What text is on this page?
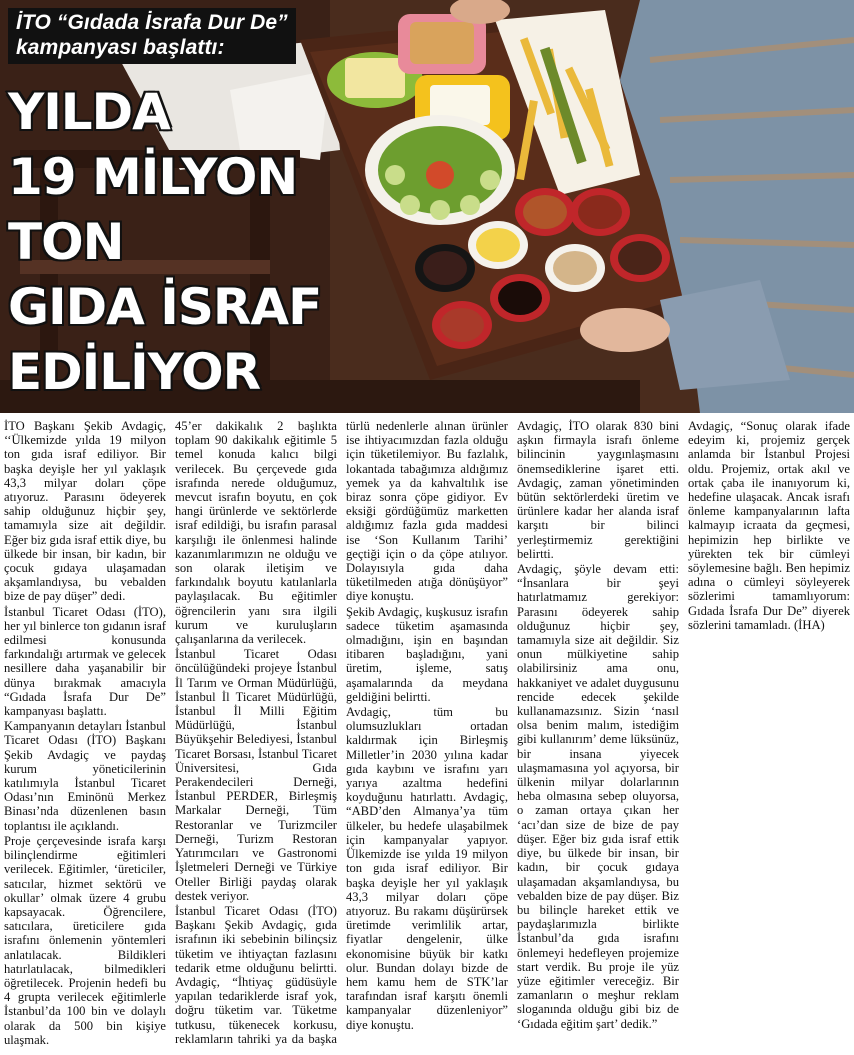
İTO “Gıdada İsrafa Dur De”
kampanyası başlattı:
YILDA
19 MİLYON
TON
GIDA İSRAF
EDİLİYOR

İTO Başkanı Şekib Avdagiç, ‘‘Ülkemizde yılda 19 milyon ton gıda israf ediliyor. Bir başka deyişle her yıl yaklaşık 43,3 milyar doları çöpe atıyoruz. Parasını ödeyerek sahip olduğunuz hiçbir şey, tamamıyla size ait değildir. Eğer biz gıda israf ettik diye, bu ülkede bir insan, bir kadın, bir çocuk gıdaya ulaşamadan akşamlandıysa, bu vebalden bize de pay düşer” dedi.

İstanbul Ticaret Odası (İTO), her yıl binlerce ton gıdanın israf edilmesi konusunda farkındalığı artırmak ve gelecek nesillere daha yaşanabilir bir dünya bırakmak amacıyla “Gıdada İsrafa Dur De” kampanyası başlattı.

Kampanyanın detayları İstanbul Ticaret Odası (İTO) Başkanı Şekib Avdagiç ve paydaş kurum yöneticilerinin katılımıyla İstanbul Ticaret Odası’nın Eminönü Merkez Binası’nda düzenlenen basın toplantısı ile açıklandı.

Proje çerçevesinde israfa karşı bilinçlendirme eğitimleri verilecek. Eğitimler, ‘üreticiler, satıcılar, hizmet sektörü ve okullar’ olmak üzere 4 grubu kapsayacak. Öğrencilere, satıcılara, üreticilere gıda israfını önlemenin yöntemleri anlatılacak. Bildikleri hatırlatılacak, bilmedikleri öğretilecek. Projenin hedefi bu 4 grupta verilecek eğitimlerle İstanbul’da 100 bin ve dolaylı olarak da 500 bin kişiye ulaşmak.

45’er dakikalık 2 başlıkta toplam 90 dakikalık eğitimle 5 temel konuda kalıcı bilgi verilecek. Bu çerçevede gıda israfında nerede olduğumuz, mevcut israfın boyutu, en çok hangi ürünlerde ve sektörlerde israf edildiği, bu israfın parasal karşılığı ile önlenmesi halinde kazanımlarımızın ne olduğu ve son olarak iletişim ve farkındalık boyutu katılanlarla paylaşılacak. Bu eğitimler öğrencilerin yanı sıra ilgili kurum ve kuruluşların çalışanlarına da verilecek.

İstanbul Ticaret Odası öncülüğündeki projeye İstanbul İl Tarım ve Orman Müdürlüğü, İstanbul İl Ticaret Müdürlüğü, İstanbul İl Milli Eğitim Müdürlüğü, İstanbul Büyükşehir Belediyesi, İstanbul Ticaret Borsası, İstanbul Ticaret Üniversitesi, Gıda Perakendecileri Derneği, İstanbul PERDER, Birleşmiş Markalar Derneği, Tüm Restoranlar ve Turizmciler Derneği, Turizm Restoran Yatırımcıları ve Gastronomi İşletmeleri Derneği ve Türkiye Oteller Birliği paydaş olarak destek veriyor.

İstanbul Ticaret Odası (İTO) Başkanı Şekib Avdagiç, gıda israfının iki sebebinin bilinçsiz tüketim ve ihtiyaçtan fazlasını tedarik etme olduğunu belirtti. Avdagiç, “İhtiyaç güdüsüyle yapılan tedariklerde israf yok, doğru tüketim var. Tüketme tutkusu, tükenecek korkusu, reklamların tahriki ya da başka türlü nedenlerle alınan ürünler ise ihtiyacımızdan fazla olduğu için tüketilemiyor. Bu fazlalık, lokantada tabağımıza aldığımız yemek ya da kahvaltılık ise biraz sonra çöpe gidiyor. Ev eksiği gördüğümüz marketten aldığımız fazla gıda maddesi ise ‘Son Kullanım Tarihi’ geçtiği için o da çöpe atılıyor. Dolayısıyla gıda daha tüketilmeden atığa dönüşüyor” diye konuştu.

Şekib Avdagiç, kuşkusuz israfın sadece tüketim aşamasında olmadığını, işin en başından itibaren başladığını, yani üretim, işleme, satış aşamalarında da meydana geldiğini belirtti.

Avdagiç, tüm bu olumsuzlukları ortadan kaldırmak için Birleşmiş Milletler’in 2030 yılına kadar gıda kaybını ve israfını yarı yarıya azaltma hedefini koyduğunu hatırlattı. Avdagiç, “ABD’den Almanya’ya tüm ülkeler, bu hedefe ulaşabilmek için kampanyalar yapıyor. Ülkemizde ise yılda 19 milyon ton gıda israf ediliyor. Bir başka deyişle her yıl yaklaşık 43,3 milyar doları çöpe atıyoruz. Bu rakamı düşürürsek üretimde verimlilik artar, fiyatlar dengelenir, ülke ekonomisine büyük bir katkı olur. Bundan dolayı bizde de hem kamu hem de STK’lar tarafından israf karşıtı önemli kampanyalar düzenleniyor” diye konuştu.

Avdagiç, İTO olarak 830 bini aşkın firmayla israfı önleme bilincinin yaygınlaşmasını önemsediklerine işaret etti. Avdagiç, zaman yönetiminden bütün sektörlerdeki üretim ve ürünlere kadar her alanda israf karşıtı bir bilinci yerleştirmemiz gerektiğini belirtti.

Avdagiç, şöyle devam etti: “İnsanlara bir şeyi hatırlatmamız gerekiyor: Parasını ödeyerek sahip olduğunuz hiçbir şey, tamamıyla size ait değildir. Siz onun mülkiyetine sahip olabilirsiniz ama onu, hakkaniyet ve adalet duygusunu rencide edecek şekilde kullanamazsınız. Sizin ‘nasıl olsa benim malım, istediğim gibi kullanırım’ deme lüksünüz, bir insana yiyecek ulaşmamasına yol açıyorsa, bir ülkenin milyar dolarlarının heba olmasına sebep oluyorsa, o zaman ortaya çıkan her ‘acı’dan size de bize de pay düşer. Eğer biz gıda israf ettik diye, bu ülkede bir insan, bir kadın, bir çocuk gıdaya ulaşamadan akşamlandıysa, bu vebalden bize de pay düşer. Biz bu bilinçle hareket ettik ve paydaşlarımızla birlikte İstanbul’da gıda israfını önlemeyi hedefleyen projemize start verdik. Bu proje ile yüz yüze eğitimler vereceğiz. Bir zamanların o meşhur reklam sloganında olduğu gibi biz de ‘Gıdada eğitim şart’ dedik.”

Avdagiç, “Sonuç olarak ifade edeyim ki, projemiz gerçek anlamda bir İstanbul Projesi oldu. Projemiz, ortak akıl ve ortak çaba ile inanıyorum ki, hedefine ulaşacak. Ancak israfı önleme kampanyalarının lafta kalmayıp icraata da geçmesi, hepimizin hep birlikte ve yürekten tek bir cümleyi söylemesine bağlı. Ben hepimiz adına o cümleyi söyleyerek sözlerimi tamamlıyorum: Gıdada İsrafa Dur De” diyerek sözlerini tamamladı. (İHA)
